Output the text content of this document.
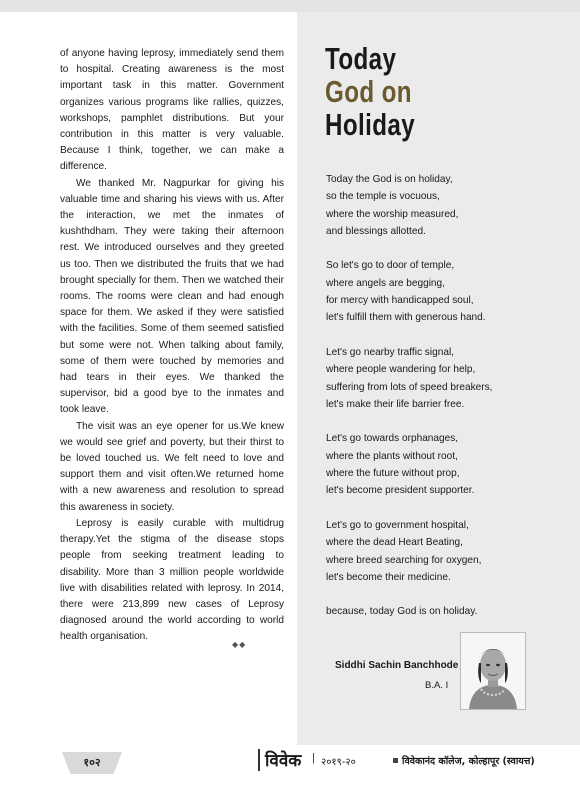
of anyone having leprosy, immediately send them to hospital. Creating awareness is the most important task in this matter. Government organizes various programs like rallies, quizzes, workshops, pamphlet distributions. But your contribution in this matter is very valuable. Because I think, together, we can make a difference.

We thanked Mr. Nagpurkar for giving his valuable time and sharing his views with us. After the interaction, we met the inmates of kushthdham. They were taking their afternoon rest. We introduced ourselves and they greeted us too. Then we distributed the fruits that we had brought specially for them. Then we watched their rooms. The rooms were clean and had enough space for them. We asked if they were satisfied with the facilities. Some of them seemed satisfied but some were not. When talking about family, some of them were touched by memories and had tears in their eyes. We thanked the supervisor, bid a good bye to the inmates and took leave.

The visit was an eye opener for us.We knew we would see grief and poverty, but their thirst to be loved touched us. We felt need to love and support them and visit often.We returned home with a new awareness and resolution to spread this awareness in society.

Leprosy is easily curable with multidrug therapy.Yet the stigma of the disease stops people from seeking treatment leading to disability. More than 3 million people worldwide live with disabilities related with leprosy. In 2014, there were 213,899 new cases of Leprosy diagnosed around the world according to world health organisation.

◆◆
Today
God on
Holiday
Today the God is on holiday,
so the temple is vocuous,
where the worship measured,
and blessings allotted.
So let's go to door of temple,
where angels are begging,
for mercy with handicapped soul,
let's fulfill them with generous hand.
Let's go nearby traffic signal,
where people wandering for help,
suffering from lots of speed breakers,
let's make their life barrier free.
Let's go towards orphanages,
where the plants without root,
where the future without prop,
let's become president supporter.
Let's go to government hospital,
where the dead Heart Beating,
where breed searching for oxygen,
let's become their medicine.
because, today God is on holiday.
Siddhi Sachin Banchhode
B.A. I
१०२	विवेक | २०१९-२०	विवेकानंद कॉलेज, कोल्हापूर (स्वायत्त)
